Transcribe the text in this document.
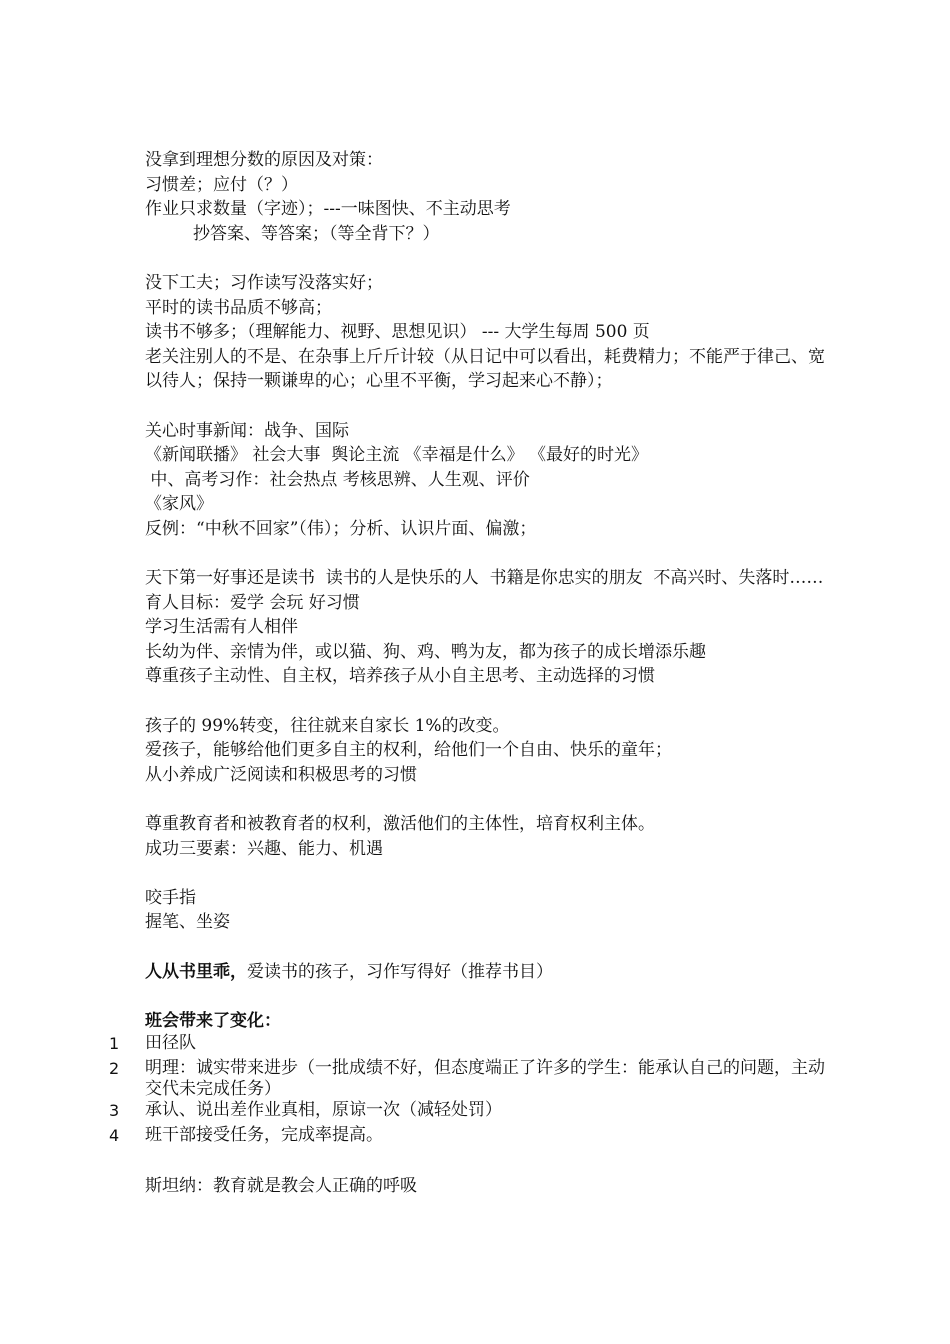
没拿到理想分数的原因及对策：
习惯差；应付（？）
作业只求数量（字迹）；---一味图快、不主动思考
抄答案、等答案；（等全背下？）
没下工夫；习作读写没落实好；
平时的读书品质不够高；
读书不够多；（理解能力、视野、思想见识） --- 大学生每周 500 页
老关注别人的不是、在杂事上斤斤计较（从日记中可以看出，耗费精力；不能严于律己、宽以待人；保持一颗谦卑的心；心里不平衡，学习起来心不静）；
关心时事新闻：战争、国际
《新闻联播》 社会大事  舆论主流 《幸福是什么》 《最好的时光》
中、高考习作：社会热点 考核思辨、人生观、评价
《家风》
反例：“中秋不回家”（伟）；分析、认识片面、偏激；
天下第一好事还是读书  读书的人是快乐的人  书籍是你忠实的朋友  不高兴时、失落时……
育人目标：爱学 会玩 好习惯
学习生活需有人相伴
长幼为伴、亲情为伴，或以猫、狗、鸡、鸭为友，都为孩子的成长增添乐趣
尊重孩子主动性、自主权，培养孩子从小自主思考、主动选择的习惯
孩子的 99%转变，往往就来自家长 1%的改变。
爱孩子，能够给他们更多自主的权利，给他们一个自由、快乐的童年；
从小养成广泛阅读和积极思考的习惯
尊重教育者和被教育者的权利，激活他们的主体性，培育权利主体。
成功三要素：兴趣、能力、机遇
咬手指
握笔、坐姿
人从书里乖，爱读书的孩子，习作写得好（推荐书目）
班会带来了变化：
1 田径队
2 明理：诚实带来进步（一批成绩不好，但态度端正了许多的学生：能承认自己的问题，主动交代未完成任务）
3 承认、说出差作业真相，原谅一次（减轻处罚）
4 班干部接受任务，完成率提高。
斯坦纳：教育就是教会人正确的呼吸
